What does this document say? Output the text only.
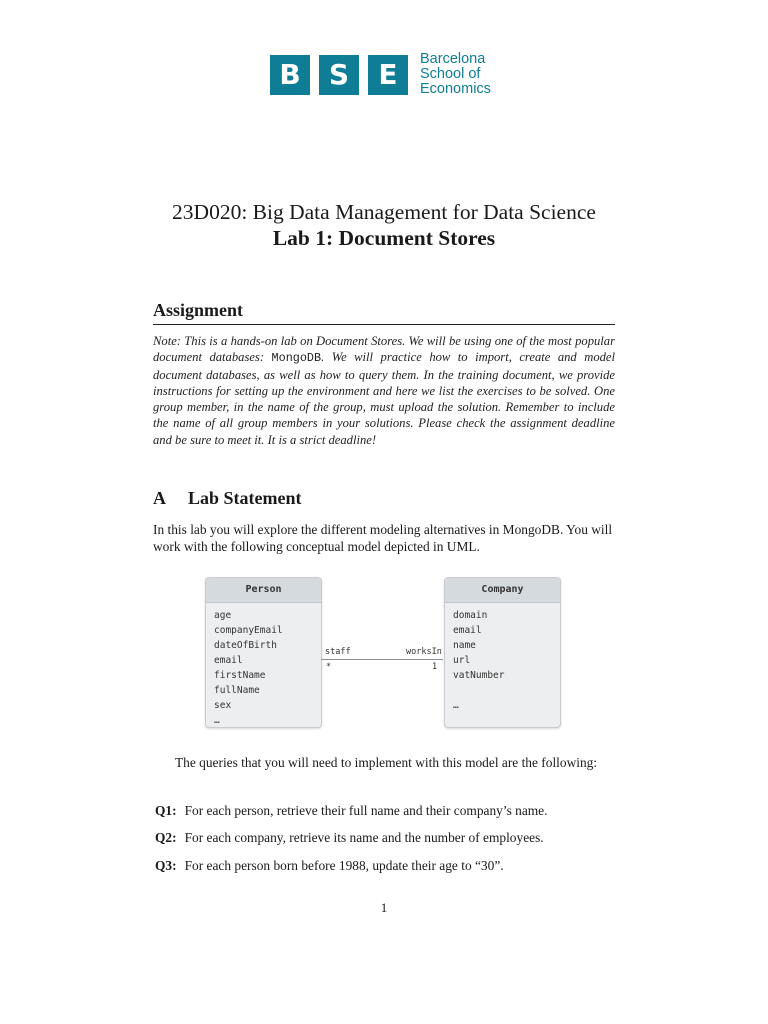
B	S	E	Barcelona
School of
Economics
23D020: Big Data Management for Data Science
Lab 1: Document Stores
Assignment
Note: This is a hands-on lab on Document Stores. We will be using one of the most popular document databases: MongoDB. We will practice how to import, create and model document databases, as well as how to query them. In the training document, we provide instructions for setting up the environment and here we list the exercises to be solved. One group member, in the name of the group, must upload the solution. Remember to include the name of all group members in your solutions. Please check the assignment deadline and be sure to meet it. It is a strict deadline!
A Lab Statement
In this lab you will explore the different modeling alternatives in MongoDB. You will work with the following conceptual model depicted in UML.
Person
age
companyEmail
dateOfBirth
email
firstName
fullName
sex
…
Company
domain
email
name
url
vatNumber
…
staff
*
worksIn
1
The queries that you will need to implement with this model are the following:
Q1: For each person, retrieve their full name and their company’s name.
Q2: For each company, retrieve its name and the number of employees.
Q3: For each person born before 1988, update their age to “30”.
1
